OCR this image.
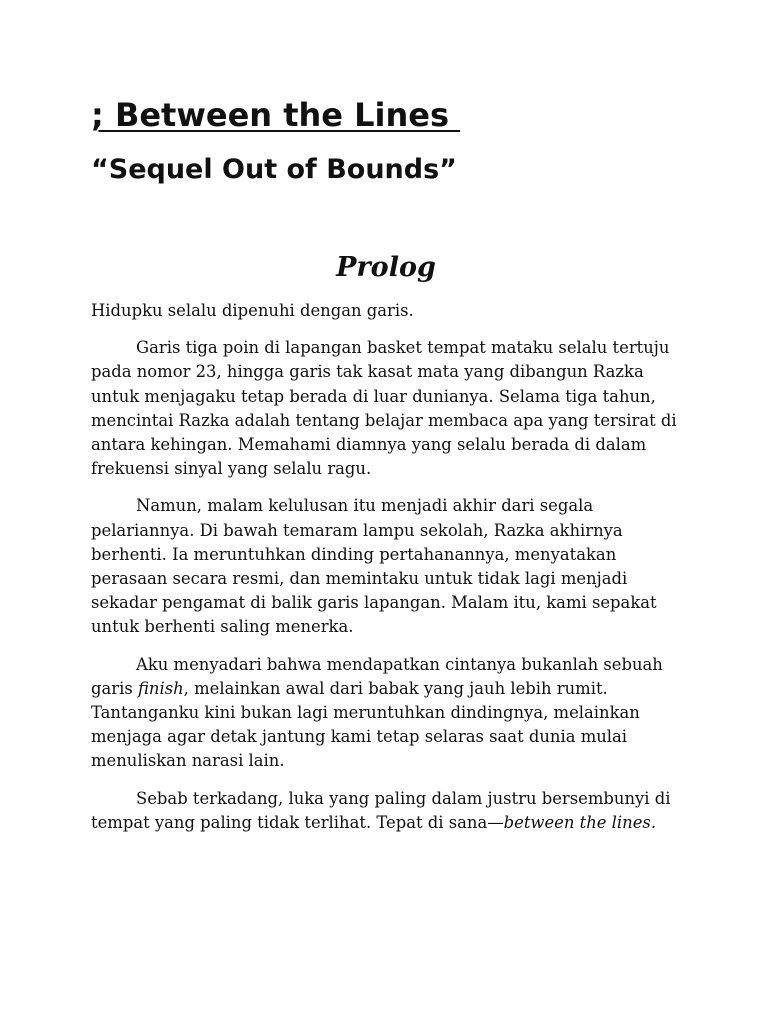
; Between the Lines
“Sequel Out of Bounds”
Prolog

Hidupku selalu dipenuhi dengan garis.

Garis tiga poin di lapangan basket tempat mataku selalu tertuju pada nomor 23, hingga garis tak kasat mata yang dibangun Razka untuk menjagaku tetap berada di luar dunianya. Selama tiga tahun, mencintai Razka adalah tentang belajar membaca apa yang tersirat di antara kehingan. Memahami diamnya yang selalu berada di dalam frekuensi sinyal yang selalu ragu.

Namun, malam kelulusan itu menjadi akhir dari segala pelariannya. Di bawah temaram lampu sekolah, Razka akhirnya berhenti. Ia meruntuhkan dinding pertahanannya, menyatakan perasaan secara resmi, dan memintaku untuk tidak lagi menjadi sekadar pengamat di balik garis lapangan. Malam itu, kami sepakat untuk berhenti saling menerka.

Aku menyadari bahwa mendapatkan cintanya bukanlah sebuah garis finish, melainkan awal dari babak yang jauh lebih rumit. Tantanganku kini bukan lagi meruntuhkan dindingnya, melainkan menjaga agar detak jantung kami tetap selaras saat dunia mulai menuliskan narasi lain.

Sebab terkadang, luka yang paling dalam justru bersembunyi di tempat yang paling tidak terlihat. Tepat di sana—between the lines.
